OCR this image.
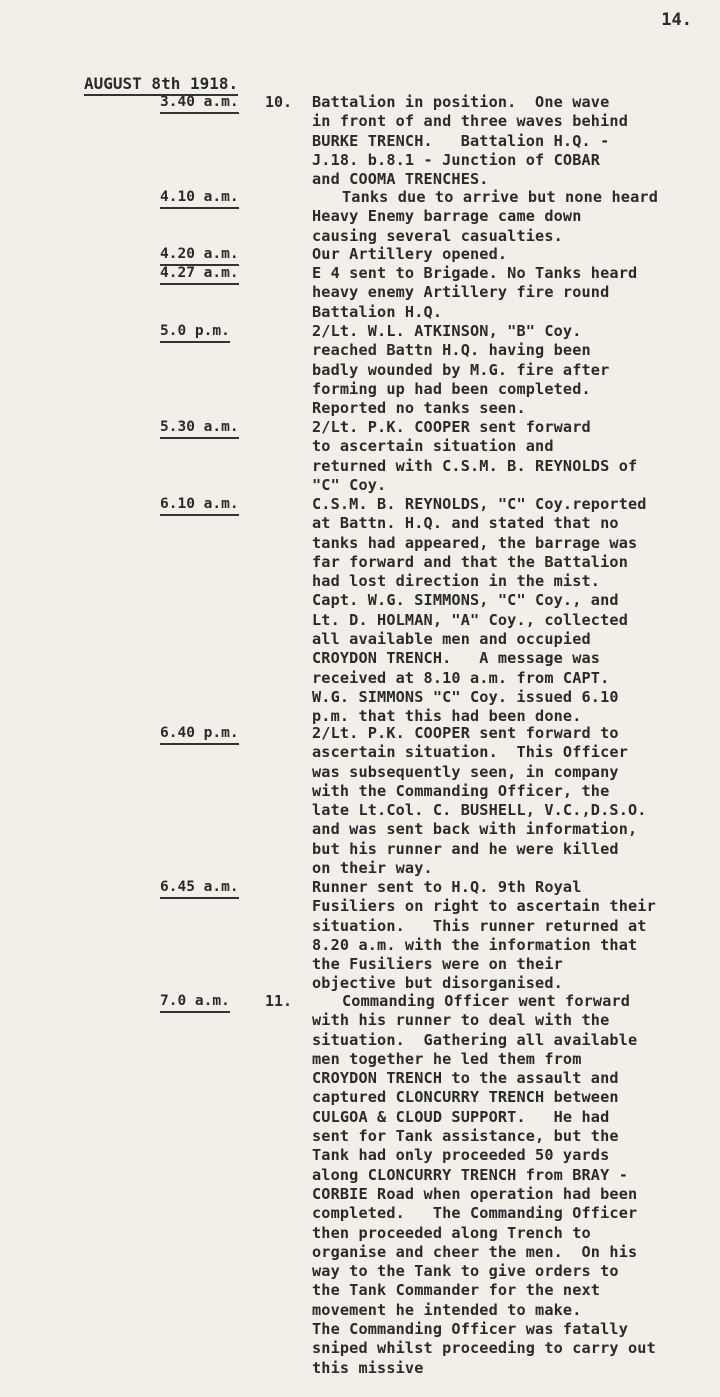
14.
AUGUST 8th 1918.
3.40 a.m. 10. Battalion in position.  One wave
in front of and three waves behind
BURKE TRENCH.   Battalion H.Q. -
J.18. b.8.1 - Junction of COBAR
and COOMA TRENCHES.
4.10 a.m.	Tanks due to arrive but none heard
Heavy Enemy barrage came down
causing several casualties.
4.20 a.m.	Our Artillery opened.
4.27 a.m.	E 4 sent to Brigade. No Tanks heard
heavy enemy Artillery fire round
Battalion H.Q.
5.0 p.m.	2/Lt. W.L. ATKINSON, "B" Coy.
reached Battn H.Q. having been
badly wounded by M.G. fire after
forming up had been completed.
Reported no tanks seen.
5.30 a.m.	2/Lt. P.K. COOPER sent forward
to ascertain situation and
returned with C.S.M. B. REYNOLDS of
"C" Coy.
6.10 a.m.	C.S.M. B. REYNOLDS, "C" Coy.reported
at Battn. H.Q. and stated that no
tanks had appeared, the barrage was
far forward and that the Battalion
had lost direction in the mist.
Capt. W.G. SIMMONS, "C" Coy., and
Lt. D. HOLMAN, "A" Coy., collected
all available men and occupied
CROYDON TRENCH.   A message was
received at 8.10 a.m. from CAPT.
W.G. SIMMONS "C" Coy. issued 6.10
p.m. that this had been done.
6.40 p.m.	2/Lt. P.K. COOPER sent forward to
ascertain situation.  This Officer
was subsequently seen, in company
with the Commanding Officer, the
late Lt.Col. C. BUSHELL, V.C.,D.S.O.
and was sent back with information,
but his runner and he were killed
on their way.
6.45 a.m.	Runner sent to H.Q. 9th Royal
Fusiliers on right to ascertain their
situation.   This runner returned at
8.20 a.m. with the information that
the Fusiliers were on their
objective but disorganised.
7.0 a.m. 11.	Commanding Officer went forward
with his runner to deal with the
situation.  Gathering all available
men together he led them from
CROYDON TRENCH to the assault and
captured CLONCURRY TRENCH between
CULGOA & CLOUD SUPPORT.   He had
sent for Tank assistance, but the
Tank had only proceeded 50 yards
along CLONCURRY TRENCH from BRAY -
CORBIE Road when operation had been
completed.   The Commanding Officer
then proceeded along Trench to
organise and cheer the men.  On his
way to the Tank to give orders to
the Tank Commander for the next
movement he intended to make.
The Commanding Officer was fatally
sniped whilst proceeding to carry out
this missive
